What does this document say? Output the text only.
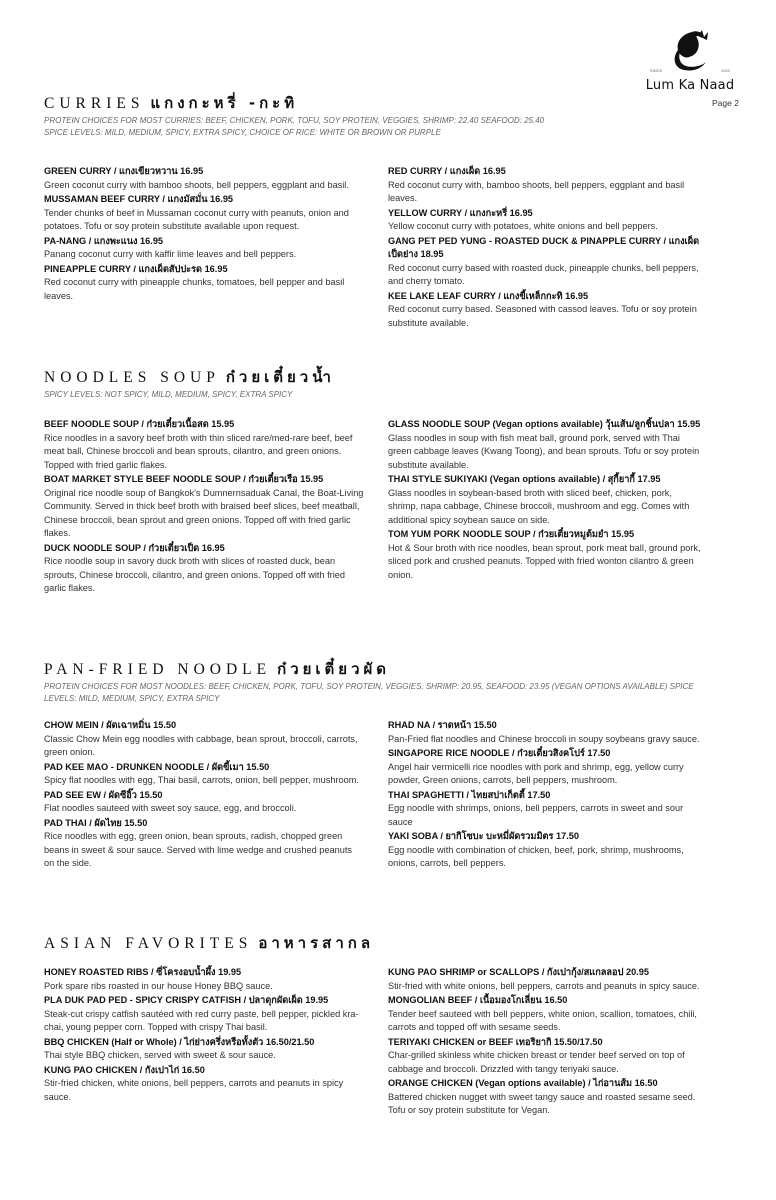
SINCE	2004
Lum Ka Naad
Page 2
CURRIES แกงกะหรี่ -กะทิ
PROTEIN CHOICES FOR MOST CURRIES: BEEF, CHICKEN, PORK, TOFU, SOY PROTEIN, VEGGIES, SHRIMP: 22.40 SEAFOOD: 25.40
SPICE LEVELS: MILD, MEDIUM, SPICY, EXTRA SPICY, CHOICE OF RICE: WHITE OR BROWN OR PURPLE
GREEN CURRY / แกงเขียวหวาน 16.95
Green coconut curry with bamboo shoots, bell peppers, eggplant and basil.
MUSSAMAN BEEF CURRY / แกงมัสมั่น 16.95
Tender chunks of beef in Mussaman coconut curry with peanuts, onion and potatoes. Tofu or soy protein substitute available upon request.
PA-NANG / แกงพะแนง 16.95
Panang coconut curry with kaffir lime leaves and bell peppers.
PINEAPPLE CURRY / แกงเผ็ดสัปปะรด 16.95
Red coconut curry with pineapple chunks, tomatoes, bell pepper and basil leaves.
RED CURRY / แกงเผ็ด 16.95
Red coconut curry with, bamboo shoots, bell peppers, eggplant and basil leaves.
YELLOW CURRY / แกงกะหรี่ 16.95
Yellow coconut curry with potatoes, white onions and bell peppers.
GANG PET PED YUNG - ROASTED DUCK & PINAPPLE CURRY / แกงเผ็ดเป็ดย่าง 18.95
Red coconut curry based with roasted duck, pineapple chunks, bell peppers, and cherry tomato.
KEE LAKE LEAF CURRY / แกงขี้เหล็กกะทิ 16.95
Red coconut curry based. Seasoned with cassod leaves. Tofu or soy protein substitute available.
NOODLES SOUP ก๋วยเตี๋ยวน้ำ
SPICY LEVELS: NOT SPICY, MILD, MEDIUM, SPICY, EXTRA SPICY
BEEF NOODLE SOUP / ก๋วยเตี๋ยวเนื้อสด 15.95
Rice noodles in a savory beef broth with thin sliced rare/med-rare beef, beef meat ball, Chinese broccoli and bean sprouts, cilantro, and green onions. Topped with fried garlic flakes.
BOAT MARKET STYLE BEEF NOODLE SOUP / ก๋วยเตี๋ยวเรือ 15.95
Original rice noodle soup of Bangkok's Dumnernsaduak Canal, the Boat-Living Community. Served in thick beef broth with braised beef slices, beef meatball, Chinese broccoli, bean sprout and green onions. Topped off with fried garlic flakes.
DUCK NOODLE SOUP / ก๋วยเตี๋ยวเป็ด 16.95
Rice noodle soup in savory duck broth with slices of roasted duck, bean sprouts, Chinese broccoli, cilantro, and green onions. Topped off with fried garlic flakes.
GLASS NOODLE SOUP (Vegan options available) วุ้นเส้น/ลูกชิ้นปลา 15.95
Glass noodles in soup with fish meat ball, ground pork, served with Thai green cabbage leaves (Kwang Toong), and bean sprouts. Tofu or soy protein substitute available.
THAI STYLE SUKIYAKI (Vegan options available) / สุกี้ยากี้ 17.95
Glass noodles in soybean-based broth with sliced beef, chicken, pork, shrimp, napa cabbage, Chinese broccoli, mushroom and egg. Comes with additional spicy soybean sauce on side.
TOM YUM PORK NOODLE SOUP / ก๋วยเตี๋ยวหมูต้มยำ 15.95
Hot & Sour broth with rice noodles, bean sprout, pork meat ball, ground pork, sliced pork and crushed peanuts. Topped with fried wonton cilantro & green onion.
PAN-FRIED NOODLE ก๋วยเตี๋ยวผัด
PROTEIN CHOICES FOR MOST NOODLES: BEEF, CHICKEN, PORK, TOFU, SOY PROTEIN, VEGGIES, SHRIMP: 20.95, SEAFOOD: 23.95 (VEGAN OPTIONS AVAILABLE) SPICE LEVELS: MILD, MEDIUM, SPICY, EXTRA SPICY
CHOW MEIN / ผัดเฉาหมิ่น 15.50
Classic Chow Mein egg noodles with cabbage, bean sprout, broccoli, carrots, green onion.
PAD KEE MAO - DRUNKEN NOODLE / ผัดขี้เมา 15.50
Spicy flat noodles with egg, Thai basil, carrots, onion, bell pepper, mushroom.
PAD SEE EW / ผัดซีอิ๊ว 15.50
Flat noodles sauteed with sweet soy sauce, egg, and broccoli.
PAD THAI / ผัดไทย 15.50
Rice noodles with egg, green onion, bean sprouts, radish, chopped green beans in sweet & sour sauce. Served with lime wedge and crushed peanuts on the side.
RHAD NA / ราดหน้า 15.50
Pan-Fried flat noodles and Chinese broccoli in soupy soybeans gravy sauce.
SINGAPORE RICE NOODLE / ก๋วยเตี๋ยวสิงคโปร์ 17.50
Angel hair vermicelli rice noodles with pork and shrimp, egg, yellow curry powder, Green onions, carrots, bell peppers, mushroom.
THAI SPAGHETTI / ไทยสปาเก็ตตี้ 17.50
Egg noodle with shrimps, onions, bell peppers, carrots in sweet and sour sauce
YAKI SOBA / ยากิโซบะ บะหมี่ผัดรวมมิตร 17.50
Egg noodle with combination of chicken, beef, pork, shrimp, mushrooms, onions, carrots, bell peppers.
ASIAN FAVORITES อาหารสากล
HONEY ROASTED RIBS / ซี่โครงอบน้ำผึ้ง 19.95
Pork spare ribs roasted in our house Honey BBQ sauce.
PLA DUK PAD PED - SPICY CRISPY CATFISH / ปลาดุกผัดเผ็ด 19.95
Steak-cut crispy catfish sautéed with red curry paste, bell pepper, pickled kra-chai, young pepper corn. Topped with crispy Thai basil.
BBQ CHICKEN (Half or Whole) / ไก่ย่างครึ่งหรือทั้งตัว 16.50/21.50
Thai style BBQ chicken, served with sweet & sour sauce.
KUNG PAO CHICKEN / กังเปาไก่ 16.50
Stir-fried chicken, white onions, bell peppers, carrots and peanuts in spicy sauce.
KUNG PAO SHRIMP or SCALLOPS / กังเปากุ้ง/สแกลลอป 20.95
Stir-fried with white onions, bell peppers, carrots and peanuts in spicy sauce.
MONGOLIAN BEEF / เนื้อมองโกเลี่ยน 16.50
Tender beef sauteed with bell peppers, white onion, scallion, tomatoes, chili, carrots and topped off with sesame seeds.
TERIYAKI CHICKEN or BEEF เทอริยากิ 15.50/17.50
Char-grilled skinless white chicken breast or tender beef served on top of cabbage and broccoli. Drizzled with tangy teriyaki sauce.
ORANGE CHICKEN (Vegan options available) / ไก่อานส้ม 16.50
Battered chicken nugget with sweet tangy sauce and roasted sesame seed. Tofu or soy protein substitute for Vegan.
